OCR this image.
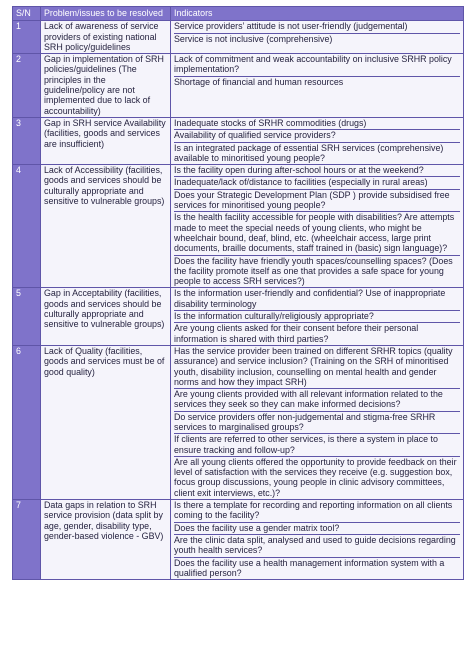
S/N	Problem/issues to be resolved	Indicators
1	Lack of awareness of service providers of existing national SRH policy/guidelines	Service providers’ attitude is not user-friendly (judgemental)
Service is not inclusive (comprehensive)

2	Gap in implementation of SRH policies/guidelines (The principles in the guideline/policy are not implemented due to lack of accountability)	Lack of commitment and weak accountability on inclusive SRHR policy implementation?
Shortage of financial and human resources

3	Gap in SRH service Availability (facilities, goods and services are insufficient)	Inadequate stocks of SRHR commodities (drugs)
Availability of qualified service providers?
Is an integrated package of essential SRH services (comprehensive) available to minoritised young people?

4	Lack of Accessibility (facilities, goods and services should be culturally appropriate and sensitive to vulnerable groups)	Is the facility open during after-school hours or at the weekend?
Inadequate/lack of/distance to facilities (especially in rural areas)
Does your Strategic Development Plan (SDP ) provide subsidised free services for minoritised young people?
Is the health facility accessible for people with disabilities? Are attempts made to meet the special needs of young clients, who might be wheelchair bound, deaf, blind, etc. (wheelchair access, large print documents, braille documents, staff trained in (basic) sign language)?
Does the facility have friendly youth spaces/counselling spaces? (Does the facility promote itself as one that provides a safe space for young people to access SRH services?)

5	Gap in Acceptability (facilities, goods and services should be culturally appropriate and sensitive to vulnerable groups)	Is the information user-friendly and confidential? Use of inappropriate disability terminology
Is the information culturally/religiously appropriate?
Are young clients asked for their consent before their personal information is shared with third parties?

6	Lack of Quality (facilities, goods and services must be of good quality)	Has the service provider been trained on different SRHR topics (quality assurance) and service inclusion? (Training on the SRH of minoritised youth, disability inclusion, counselling on mental health and gender norms and how they impact SRH)
Are young clients provided with all relevant information related to the services they seek so they can make informed decisions?
Do service providers offer non-judgemental and stigma-free SRHR services to marginalised groups?
If clients are referred to other services, is there a system in place to ensure tracking and follow-up?
Are all young clients offered the opportunity to provide feedback on their level of satisfaction with the services they receive (e.g. suggestion box, focus group discussions, young people in clinic advisory committees, client exit interviews, etc.)?

7	Data gaps in relation to SRH service provision (data split by age, gender, disability type, gender-based violence - GBV)	Is there a template for recording and reporting information on all clients coming to the facility?
Does the facility use a gender matrix tool?
Are the clinic data split, analysed and used to guide decisions regarding youth health services?
Does the facility use a health management information system with a qualified person?
